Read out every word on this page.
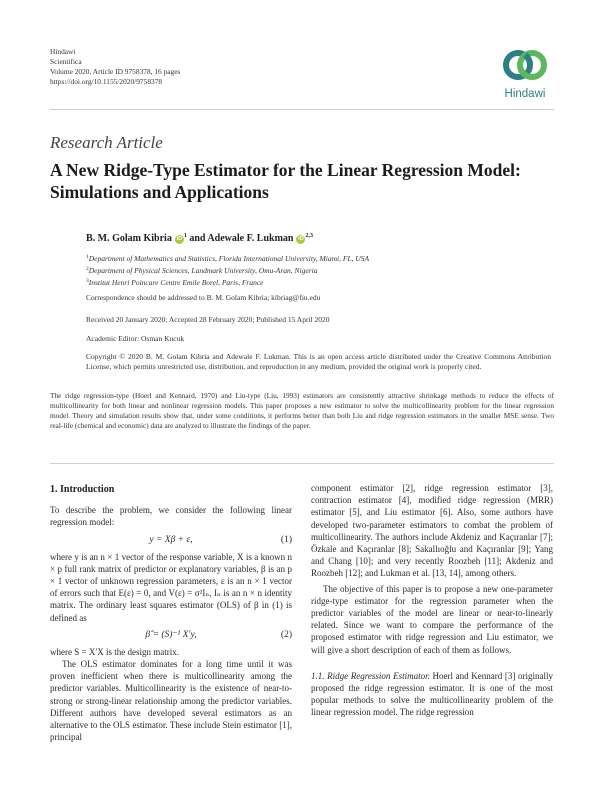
Hindawi
Scientifica
Volume 2020, Article ID 9758378, 16 pages
https://doi.org/10.1155/2020/9758378
Hindawi
Research Article
A New Ridge-Type Estimator for the Linear Regression Model: Simulations and Applications
B. M. Golam Kibria iD $^1$ and Adewale F. Lukman iD $^{2,3}$
$^1$Department of Mathematics and Statistics, Florida International University, Miami, FL, USA
$^2$Department of Physical Sciences, Landmark University, Omu-Aran, Nigeria
$^3$Institut Henri Poincare Centre Emile Borel, Paris, France
Correspondence should be addressed to B. M. Golam Kibria; kibriag@fiu.edu
Received 20 January 2020; Accepted 28 February 2020; Published 15 April 2020
Academic Editor: Osman Kucuk
Copyright © 2020 B. M. Golam Kibria and Adewale F. Lukman. This is an open access article distributed under the Creative Commons Attribution License, which permits unrestricted use, distribution, and reproduction in any medium, provided the original work is properly cited.
The ridge regression-type (Hoerl and Kennard, 1970) and Liu-type (Liu, 1993) estimators are consistently attractive shrinkage methods to reduce the effects of multicollinearity for both linear and nonlinear regression models. This paper proposes a new estimator to solve the multicollinearity problem for the linear regression model. Theory and simulation results show that, under some conditions, it performs better than both Liu and ridge regression estimators in the smaller MSE sense. Two real-life (chemical and economic) data are analyzed to illustrate the findings of the paper.
1. Introduction

To describe the problem, we consider the following linear regression model:

y = Xβ + ε,	(1)

where y is an n × 1 vector of the response variable, X is a known n × p full rank matrix of predictor or explanatory variables, β is an p × 1 vector of unknown regression parameters, ε is an n × 1 vector of errors such that E(ε) = 0, and V(ε) = σ²Iₙ, Iₙ is an n × n identity matrix. The ordinary least squares estimator (OLS) of β in (1) is defined as

β̂ = (S)⁻¹ X′y,	(2)

where S = X′X is the design matrix.

The OLS estimator dominates for a long time until it was proven inefficient when there is multicollinearity among the predictor variables. Multicollinearity is the existence of near-to-strong or strong-linear relationship among the predictor variables. Different authors have developed several estimators as an alternative to the OLS estimator. These include Stein estimator [1], principal

component estimator [2], ridge regression estimator [3], contraction estimator [4], modified ridge regression (MRR) estimator [5], and Liu estimator [6]. Also, some authors have developed two-parameter estimators to combat the problem of multicollinearity. The authors include Akdeniz and Kaçıranlar [7]; Özkale and Kaçıranlar [8]; Sakallıoğlu and Kaçıranlar [9]; Yang and Chang [10]; and very recently Roozbeh [11]; Akdeniz and Roozbeh [12]; and Lukman et al. [13, 14], among others.

The objective of this paper is to propose a new one-parameter ridge-type estimator for the regression parameter when the predictor variables of the model are linear or near-to-linearly related. Since we want to compare the performance of the proposed estimator with ridge regression and Liu estimator, we will give a short description of each of them as follows.

1.1. Ridge Regression Estimator. Hoerl and Kennard [3] originally proposed the ridge regression estimator. It is one of the most popular methods to solve the multicollinearity problem of the linear regression model. The ridge regression
